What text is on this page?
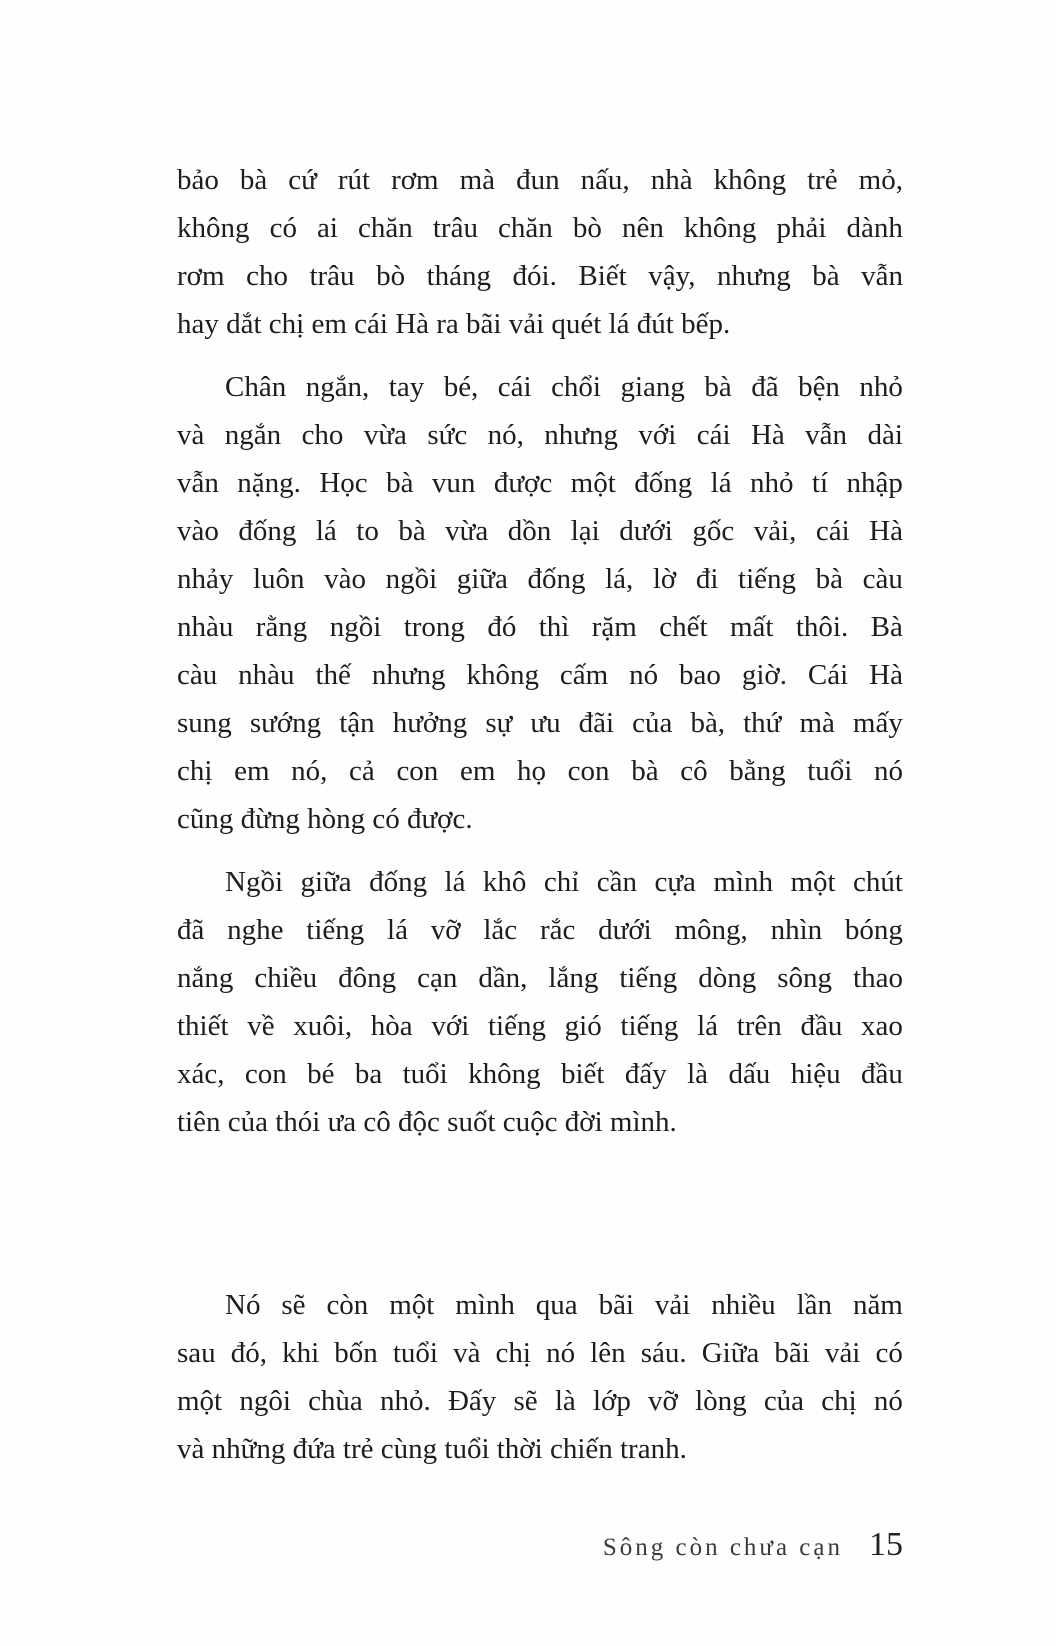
bảo bà cứ rút rơm mà đun nấu, nhà không trẻ mỏ,
không có ai chăn trâu chăn bò nên không phải dành
rơm cho trâu bò tháng đói. Biết vậy, nhưng bà vẫn
hay dắt chị em cái Hà ra bãi vải quét lá đút bếp.
Chân ngắn, tay bé, cái chổi giang bà đã bện nhỏ
và ngắn cho vừa sức nó, nhưng với cái Hà vẫn dài
vẫn nặng. Học bà vun được một đống lá nhỏ tí nhập
vào đống lá to bà vừa dồn lại dưới gốc vải, cái Hà
nhảy luôn vào ngồi giữa đống lá, lờ đi tiếng bà càu
nhàu rằng ngồi trong đó thì rặm chết mất thôi. Bà
càu nhàu thế nhưng không cấm nó bao giờ. Cái Hà
sung sướng tận hưởng sự ưu đãi của bà, thứ mà mấy
chị em nó, cả con em họ con bà cô bằng tuổi nó
cũng đừng hòng có được.
Ngồi giữa đống lá khô chỉ cần cựa mình một chút
đã nghe tiếng lá vỡ lắc rắc dưới mông, nhìn bóng
nắng chiều đông cạn dần, lắng tiếng dòng sông thao
thiết về xuôi, hòa với tiếng gió tiếng lá trên đầu xao
xác, con bé ba tuổi không biết đấy là dấu hiệu đầu
tiên của thói ưa cô độc suốt cuộc đời mình.
Nó sẽ còn một mình qua bãi vải nhiều lần năm
sau đó, khi bốn tuổi và chị nó lên sáu. Giữa bãi vải có
một ngôi chùa nhỏ. Đấy sẽ là lớp vỡ lòng của chị nó
và những đứa trẻ cùng tuổi thời chiến tranh.
Sông còn chưa cạn 15
